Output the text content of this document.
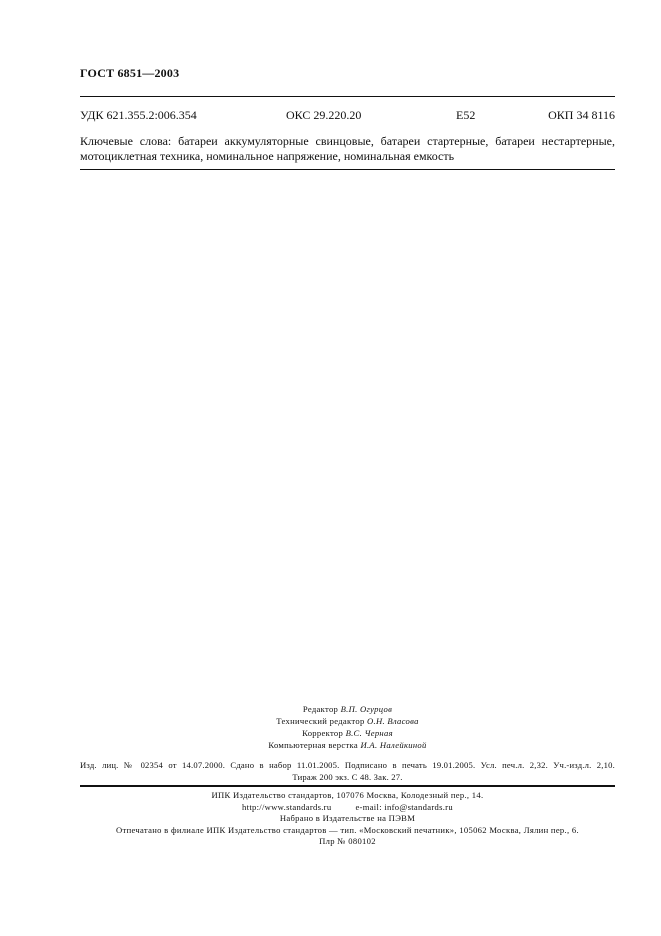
ГОСТ 6851—2003
УДК 621.355.2:006.354	ОКС 29.220.20	Е52	ОКП 34 8116
Ключевые слова: батареи аккумуляторные свинцовые, батареи стартерные, батареи нестартерные, мотоциклетная техника, номинальное напряжение, номинальная емкость
Редактор В.П. Огурцов
Технический редактор О.Н. Власова
Корректор В.С. Черная
Компьютерная верстка И.А. Налейкиной
Изд. лиц. № 02354 от 14.07.2000. Сдано в набор 11.01.2005. Подписано в печать 19.01.2005. Усл. печ.л. 2,32. Уч.-изд.л. 2,10.
Тираж 200 экз. С 48. Зак. 27.
ИПК Издательство стандартов, 107076 Москва, Колодезный пер., 14.
http://www.standards.ru	e-mail: info@standards.ru
Набрано в Издательстве на ПЭВМ
Отпечатано в филиале ИПК Издательство стандартов — тип. «Московский печатник», 105062 Москва, Лялин пер., 6.
Плр № 080102
